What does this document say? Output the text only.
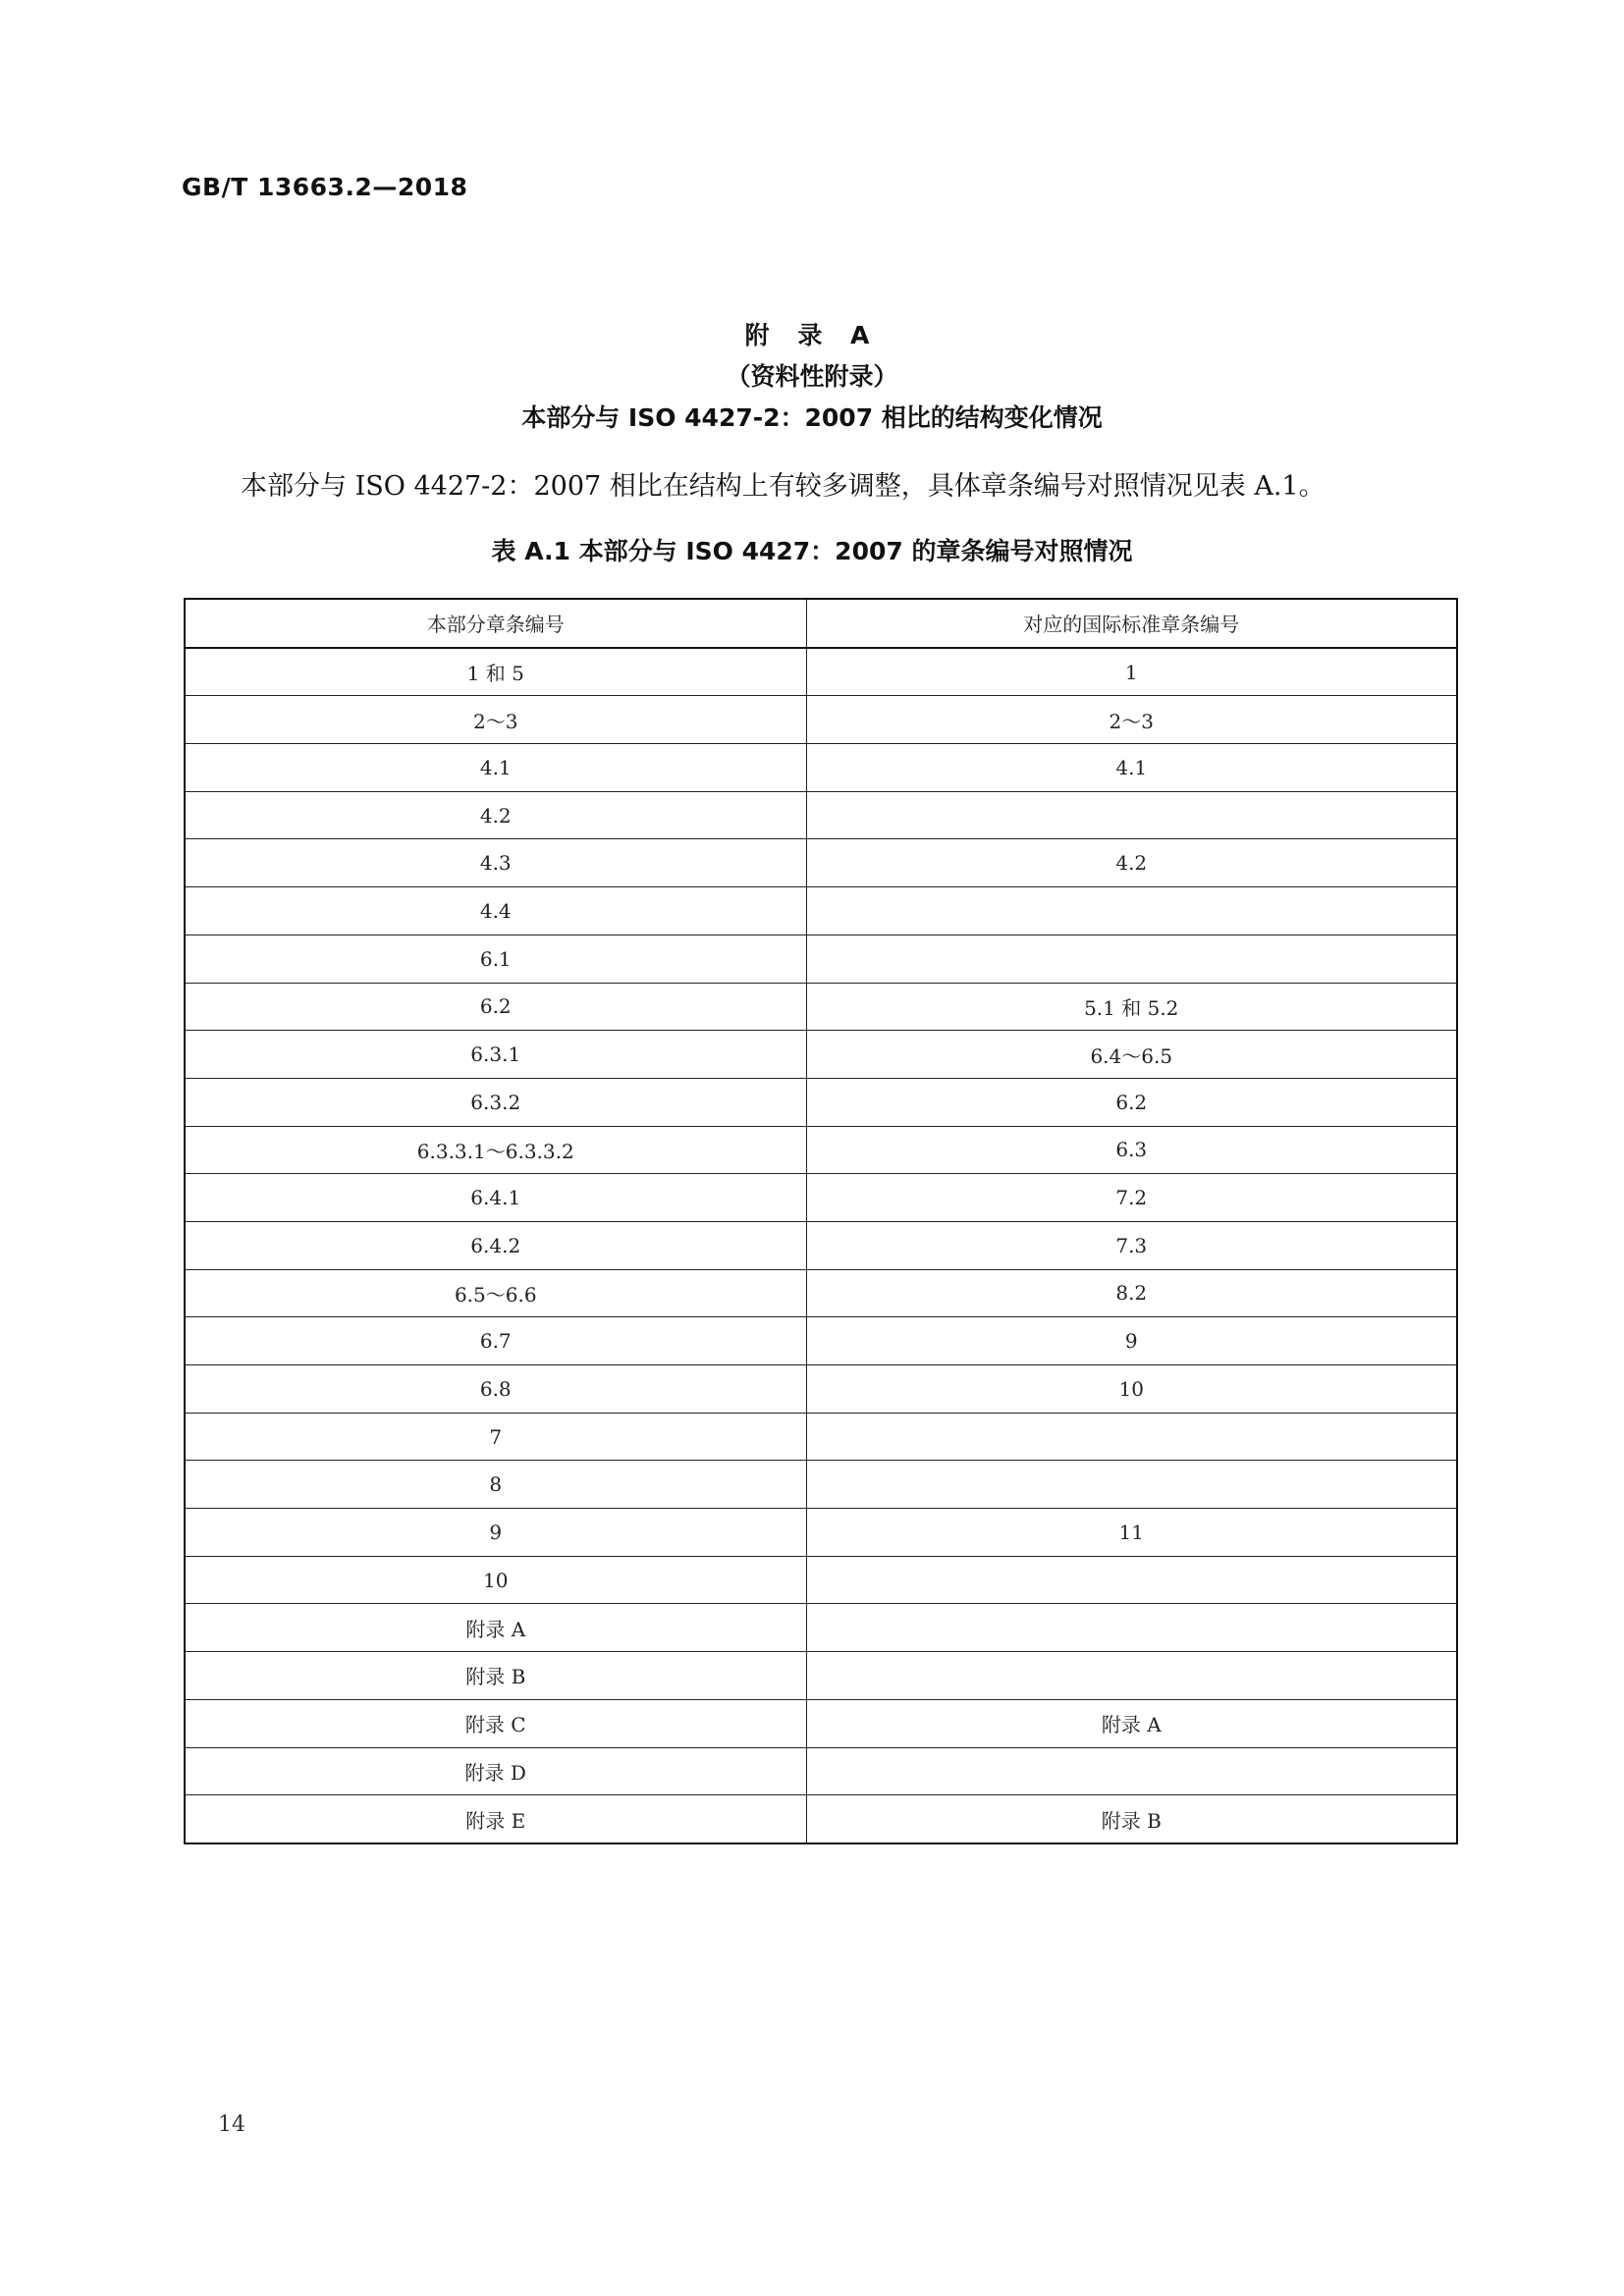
GB/T 13663.2—2018
附 录 A
（资料性附录）
本部分与 ISO 4427-2：2007 相比的结构变化情况
本部分与 ISO 4427-2：2007 相比在结构上有较多调整，具体章条编号对照情况见表 A.1。
表 A.1 本部分与 ISO 4427：2007 的章条编号对照情况
本部分章条编号	对应的国际标准章条编号
1 和 5	1
2～3	2～3
4.1	4.1
4.2	
4.3	4.2
4.4	
6.1	
6.2	5.1 和 5.2
6.3.1	6.4～6.5
6.3.2	6.2
6.3.3.1～6.3.3.2	6.3
6.4.1	7.2
6.4.2	7.3
6.5～6.6	8.2
6.7	9
6.8	10
7	
8	
9	11
10	
附录 A	
附录 B	
附录 C	附录 A
附录 D	
附录 E	附录 B
14
